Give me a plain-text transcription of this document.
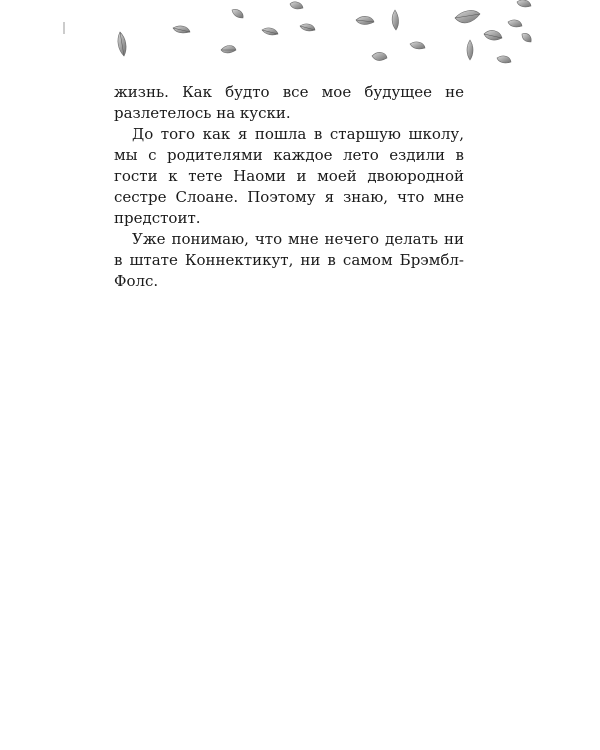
жизнь. Как будто все мое будущее не разлетелось на куски.

До того как я пошла в старшую школу, мы с родителями каждое лето ездили в гости к тете Наоми и моей двоюродной сестре Слоане. Поэтому я знаю, что мне предстоит.

Уже понимаю, что мне нечего делать ни в штате Коннектикут, ни в самом Брэмбл-Фолс.
